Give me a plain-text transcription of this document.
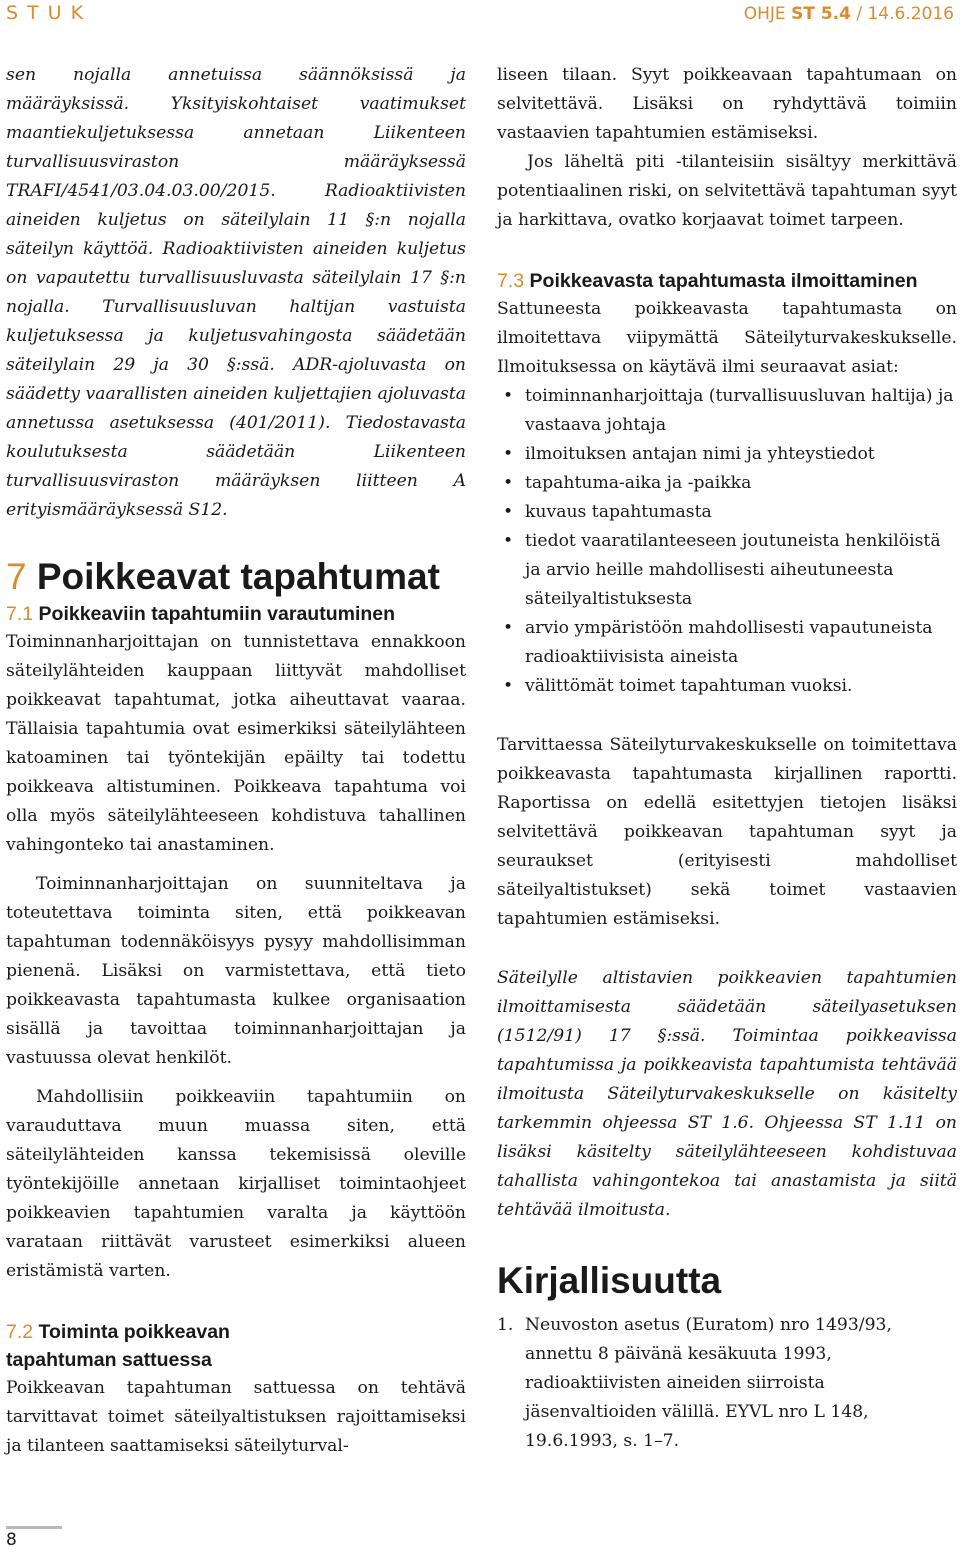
STUK	OHJE ST 5.4 / 14.6.2016

sen nojalla annetuissa säännöksissä ja määräyksissä. Yksityiskohtaiset vaatimukset maantiekuljetuksessa annetaan Liikenteen turvallisuusviraston määräyksessä TRAFI/4541/03.04.03.00/2015. Radioaktiivisten aineiden kuljetus on säteilylain 11 §:n nojalla säteilyn käyttöä. Radioaktiivisten aineiden kuljetus on vapautettu turvallisuusluvasta säteilylain 17 §:n nojalla. Turvallisuusluvan haltijan vastuista kuljetuksessa ja kuljetusvahingosta säädetään säteilylain 29 ja 30 §:ssä. ADR-ajoluvasta on säädetty vaarallisten aineiden kuljettajien ajoluvasta annetussa asetuksessa (401/2011). Tiedostavasta koulutuksesta säädetään Liikenteen turvallisuusviraston määräyksen liitteen A erityismääräyksessä S12.

7 Poikkeavat tapahtumat
7.1 Poikkeaviin tapahtumiin varautuminen

Toiminnanharjoittajan on tunnistettava ennakkoon säteilylähteiden kauppaan liittyvät mahdolliset poikkeavat tapahtumat, jotka aiheuttavat vaaraa. Tällaisia tapahtumia ovat esimerkiksi säteilylähteen katoaminen tai työntekijän epäilty tai todettu poikkeava altistuminen. Poikkeava tapahtuma voi olla myös säteilylähteeseen kohdistuva tahallinen vahingonteko tai anastaminen.

Toiminnanharjoittajan on suunniteltava ja toteutettava toiminta siten, että poikkeavan tapahtuman todennäköisyys pysyy mahdollisimman pienenä. Lisäksi on varmistettava, että tieto poikkeavasta tapahtumasta kulkee organisaation sisällä ja tavoittaa toiminnanharjoittajan ja vastuussa olevat henkilöt.

Mahdollisiin poikkeaviin tapahtumiin on varauduttava muun muassa siten, että säteilylähteiden kanssa tekemisissä oleville työntekijöille annetaan kirjalliset toimintaohjeet poikkeavien tapahtumien varalta ja käyttöön varataan riittävät varusteet esimerkiksi alueen eristämistä varten.

7.2 Toiminta poikkeavan
tapahtuman sattuessa

Poikkeavan tapahtuman sattuessa on tehtävä tarvittavat toimet säteilyaltistuksen rajoittamiseksi ja tilanteen saattamiseksi säteilyturval-

liseen tilaan. Syyt poikkeavaan tapahtumaan on selvitettävä. Lisäksi on ryhdyttävä toimiin vastaavien tapahtumien estämiseksi.

Jos läheltä piti -tilanteisiin sisältyy merkittävä potentiaalinen riski, on selvitettävä tapahtuman syyt ja harkittava, ovatko korjaavat toimet tarpeen.

7.3 Poikkeavasta tapahtumasta ilmoittaminen

Sattuneesta poikkeavasta tapahtumasta on ilmoitettava viipymättä Säteilyturvakeskukselle. Ilmoituksessa on käytävä ilmi seuraavat asiat:

• toiminnanharjoittaja (turvallisuusluvan haltija) ja vastaava johtaja
• ilmoituksen antajan nimi ja yhteystiedot
• tapahtuma-aika ja -paikka
• kuvaus tapahtumasta
• tiedot vaaratilanteeseen joutuneista henkilöistä ja arvio heille mahdollisesti aiheutuneesta säteilyaltistuksesta
• arvio ympäristöön mahdollisesti vapautuneista radioaktiivisista aineista
• välittömät toimet tapahtuman vuoksi.

Tarvittaessa Säteilyturvakeskukselle on toimitettava poikkeavasta tapahtumasta kirjallinen raportti. Raportissa on edellä esitettyjen tietojen lisäksi selvitettävä poikkeavan tapahtuman syyt ja seuraukset (erityisesti mahdolliset säteilyaltistukset) sekä toimet vastaavien tapahtumien estämiseksi.

Säteilylle altistavien poikkeavien tapahtumien ilmoittamisesta säädetään säteilyasetuksen (1512/91) 17 §:ssä. Toimintaa poikkeavissa tapahtumissa ja poikkeavista tapahtumista tehtävää ilmoitusta Säteilyturvakeskukselle on käsitelty tarkemmin ohjeessa ST 1.6. Ohjeessa ST 1.11 on lisäksi käsitelty säteilylähteeseen kohdistuvaa tahallista vahingontekoa tai anastamista ja siitä tehtävää ilmoitusta.

Kirjallisuutta
1. Neuvoston asetus (Euratom) nro 1493/93, annettu 8 päivänä kesäkuuta 1993, radioaktiivisten aineiden siirroista jäsenvaltioiden välillä. EYVL nro L 148, 19.6.1993, s. 1–7.
8
